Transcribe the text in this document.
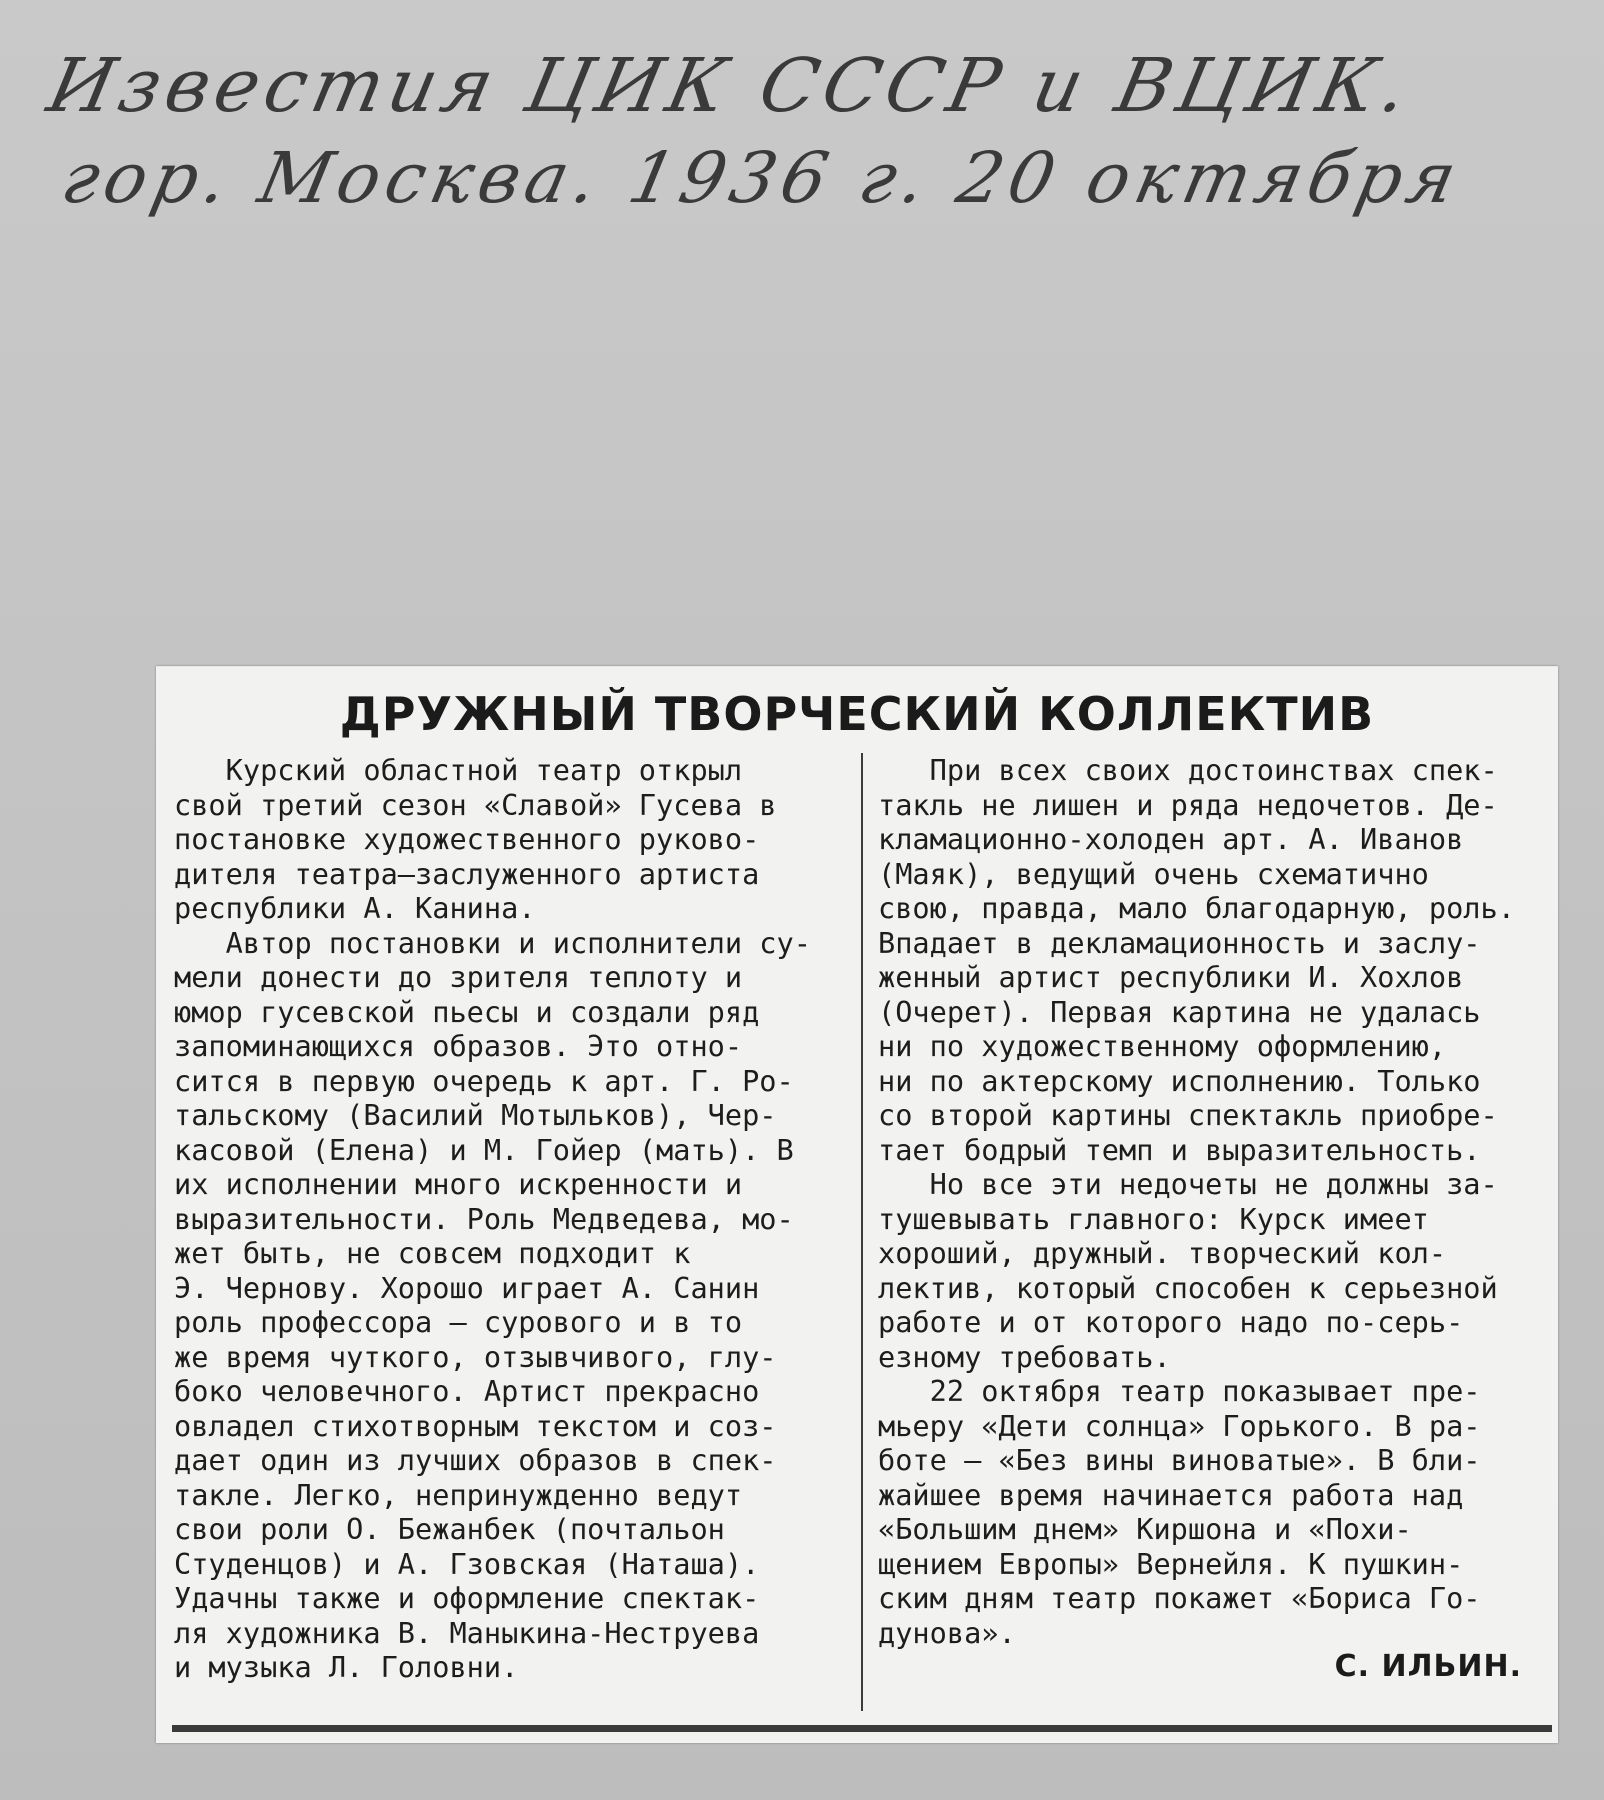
Известия ЦИК СССР и ВЦИК.
гор. Москва. 1936 г. 20 октября
ДРУЖНЫЙ ТВОРЧЕСКИЙ КОЛЛЕКТИВ
Курский областной театр открыл
свой третий сезон «Славой» Гусева в
постановке художественного руково-
дителя театра—заслуженного артиста
республики А. Канина.
Автор постановки и исполнители су-
мели донести до зрителя теплоту и
юмор гусевской пьесы и создали ряд
запоминающихся образов. Это отно-
сится в первую очередь к арт. Г. Ро-
тальскому (Василий Мотыльков), Чер-
касовой (Елена) и М. Гойер (мать). В
их исполнении много искренности и
выразительности. Роль Медведева, мо-
жет быть, не совсем подходит к
Э. Чернову. Хорошо играет А. Санин
роль профессора — сурового и в то
же время чуткого, отзывчивого, глу-
боко человечного. Артист прекрасно
овладел стихотворным текстом и соз-
дает один из лучших образов в спек-
такле. Легко, непринужденно ведут
свои роли О. Бежанбек (почтальон
Студенцов) и А. Гзовская (Наташа).
Удачны также и оформление спектак-
ля художника В. Маныкина-Неструева
и музыка Л. Головни.
При всех своих достоинствах спек-
такль не лишен и ряда недочетов. Де-
кламационно-холоден арт. А. Иванов
(Маяк), ведущий очень схематично
свою, правда, мало благодарную, роль.
Впадает в декламационность и заслу-
женный артист республики И. Хохлов
(Очерет). Первая картина не удалась
ни по художественному оформлению,
ни по актерскому исполнению. Только
со второй картины спектакль приобре-
тает бодрый темп и выразительность.
Но все эти недочеты не должны за-
тушевывать главного: Курск имеет
хороший, дружный. творческий кол-
лектив, который способен к серьезной
работе и от которого надо по-серь-
езному требовать.
22 октября театр показывает пре-
мьеру «Дети солнца» Горького. В ра-
боте — «Без вины виноватые». В бли-
жайшее время начинается работа над
«Большим днем» Киршона и «Похи-
щением Европы» Вернейля. К пушкин-
ским дням театр покажет «Бориса Го-
дунова».
С. ИЛЬИН.
